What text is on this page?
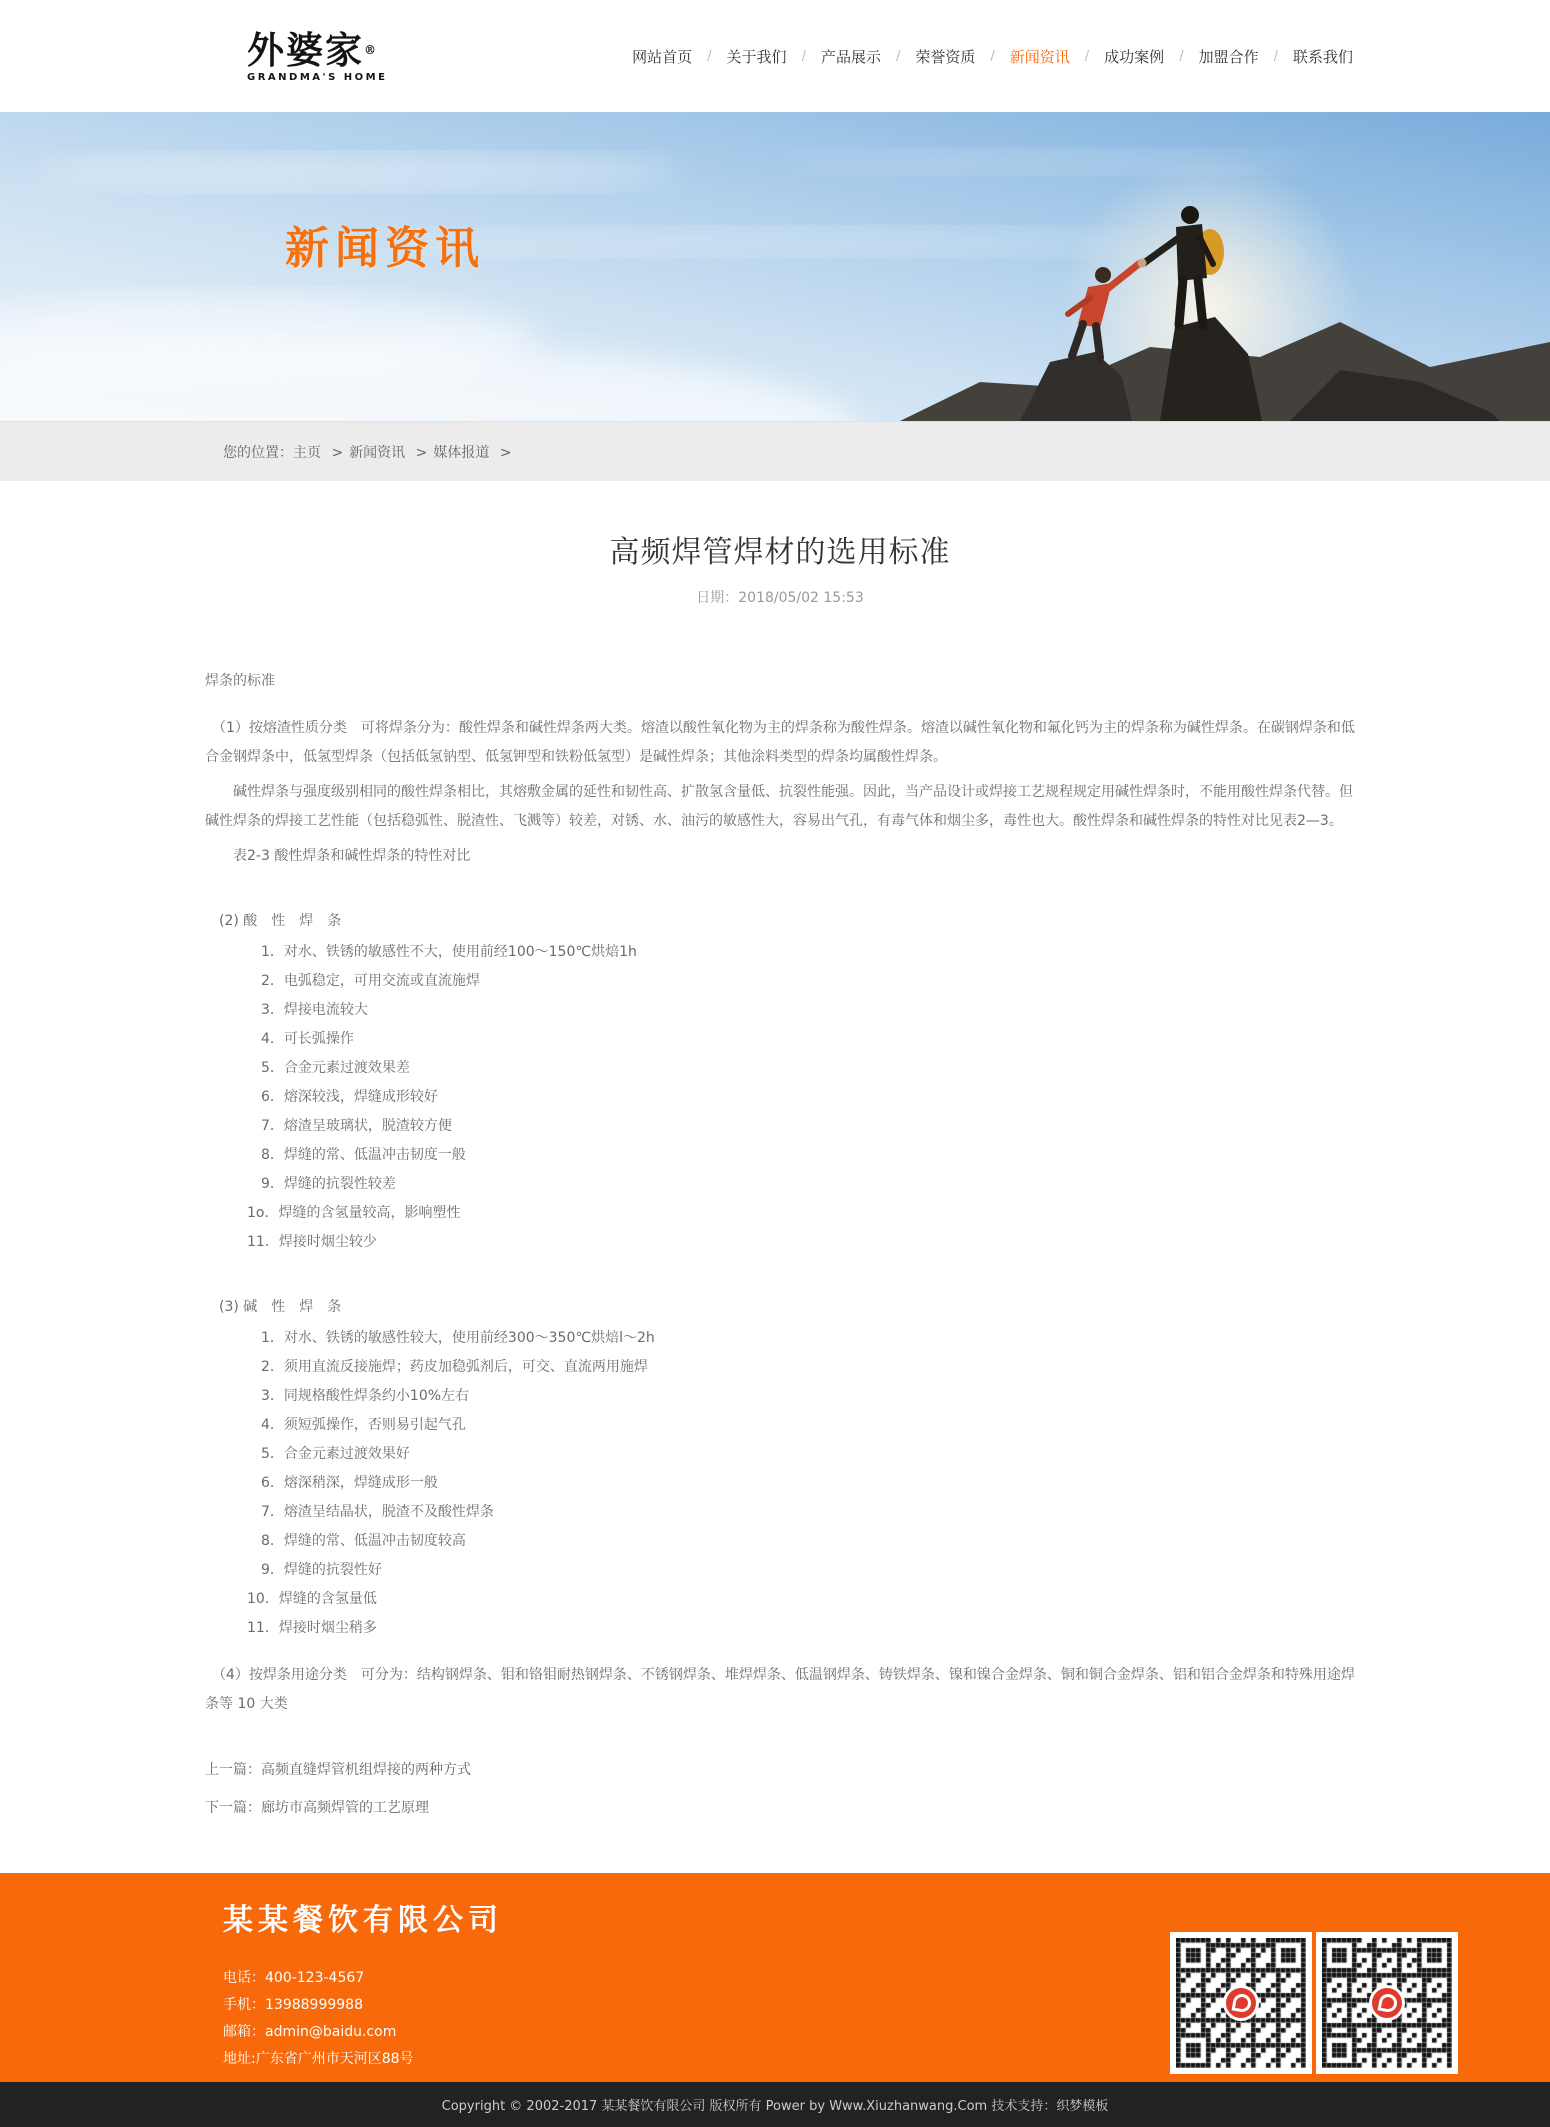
外婆家®
GRANDMA'S HOME
网站首页 / 关于我们 / 产品展示 / 荣誉资质 / 新闻资讯 / 成功案例 / 加盟合作 / 联系我们
新闻资讯
您的位置：主页 > 新闻资讯 > 媒体报道 >
高频焊管焊材的选用标准
日期：2018/05/02 15:53
焊条的标准
　（1）按熔渣性质分类　可将焊条分为：酸性焊条和碱性焊条两大类。熔渣以酸性氧化物为主的焊条称为酸性焊条。熔渣以碱性氧化物和氟化钙为主的焊条称为碱性焊条。在碳钢焊条和低合金钢焊条中，低氢型焊条（包括低氢钠型、低氢钾型和铁粉低氢型）是碱性焊条；其他涂料类型的焊条均属酸性焊条。
　　碱性焊条与强度级别相同的酸性焊条相比，其熔敷金属的延性和韧性高、扩散氢含量低、抗裂性能强。因此，当产品设计或焊接工艺规程规定用碱性焊条时，不能用酸性焊条代替。但碱性焊条的焊接工艺性能（包括稳弧性、脱渣性、飞溅等）较差，对锈、水、油污的敏感性大，容易出气孔，有毒气体和烟尘多，毒性也大。酸性焊条和碱性焊条的特性对比见表2—3。
　　表2-3 酸性焊条和碱性焊条的特性对比
　(2) 酸　性　焊　条
　　　　1．对水、铁锈的敏感性不大，使用前经100～150℃烘焙1h
　　　　2．电弧稳定，可用交流或直流施焊
　　　　3．焊接电流较大
　　　　4．可长弧操作
　　　　5．合金元素过渡效果差
　　　　6．熔深较浅，焊缝成形较好
　　　　7．熔渣呈玻璃状，脱渣较方便
　　　　8．焊缝的常、低温冲击韧度一般
　　　　9．焊缝的抗裂性较差
　　　1o．焊缝的含氢量较高，影响塑性
　　　11．焊接时烟尘较少
　(3) 碱　性　焊　条
　　　　1．对水、铁锈的敏感性较大，使用前经300～350℃烘焙l～2h
　　　　2．须用直流反接施焊；药皮加稳弧剂后，可交、直流两用施焊
　　　　3．同规格酸性焊条约小10%左右
　　　　4．须短弧操作，否则易引起气孔
　　　　5．合金元素过渡效果好
　　　　6．熔深稍深，焊缝成形一般
　　　　7．熔渣呈结晶状，脱渣不及酸性焊条
　　　　8．焊缝的常、低温冲击韧度较高
　　　　9．焊缝的抗裂性好
　　　10．焊缝的含氢量低
　　　11．焊接时烟尘稍多
　（4）按焊条用途分类　可分为：结构钢焊条、钼和铬钼耐热钢焊条、不锈钢焊条、堆焊焊条、低温钢焊条、铸铁焊条、镍和镍合金焊条、铜和铜合金焊条、铝和铝合金焊条和特殊用途焊条等 10 大类
上一篇：高频直缝焊管机组焊接的两种方式
下一篇：廊坊市高频焊管的工艺原理
某某餐饮有限公司
电话：400-123-4567
手机：13988999988
邮箱：admin@baidu.com
地址:广东省广州市天河区88号
Copyright © 2002-2017 某某餐饮有限公司 版权所有 Power by Www.Xiuzhanwang.Com 技术支持：织梦模板
